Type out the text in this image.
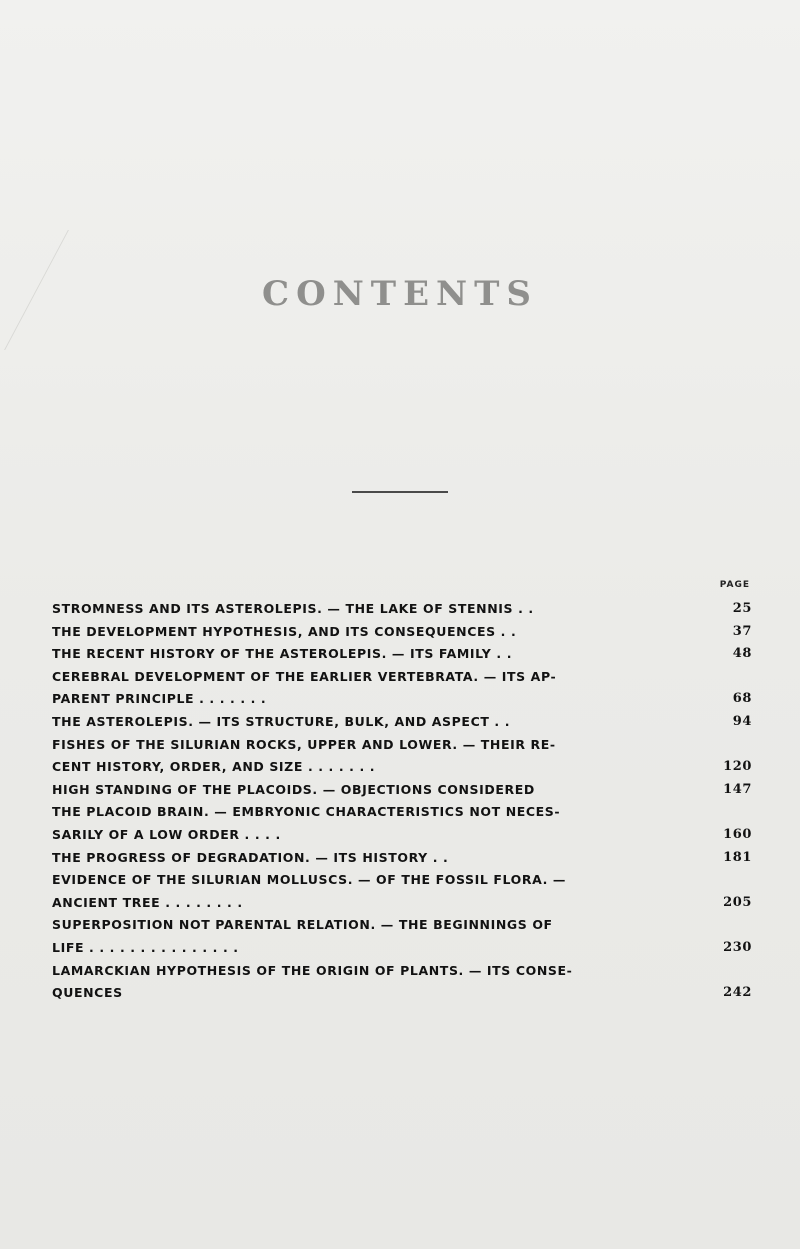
CONTENTS
PAGE
STROMNESS AND ITS ASTEROLEPIS. — THE LAKE OF STENNIS . .	25
THE DEVELOPMENT HYPOTHESIS, AND ITS CONSEQUENCES . .	37
THE RECENT HISTORY OF THE ASTEROLEPIS. — ITS FAMILY . .	48
CEREBRAL DEVELOPMENT OF THE EARLIER VERTEBRATA. — ITS AP-
PARENT PRINCIPLE . . . . . . .	68
THE ASTEROLEPIS. — ITS STRUCTURE, BULK, AND ASPECT . .	94
FISHES OF THE SILURIAN ROCKS, UPPER AND LOWER. — THEIR RE-
CENT HISTORY, ORDER, AND SIZE . . . . . . .	120
HIGH STANDING OF THE PLACOIDS. — OBJECTIONS CONSIDERED	147
THE PLACOID BRAIN. — EMBRYONIC CHARACTERISTICS NOT NECES-
SARILY OF A LOW ORDER . . . .	160
THE PROGRESS OF DEGRADATION. — ITS HISTORY . .	181
EVIDENCE OF THE SILURIAN MOLLUSCS. — OF THE FOSSIL FLORA. —
ANCIENT TREE . . . . . . . .	205
SUPERPOSITION NOT PARENTAL RELATION. — THE BEGINNINGS OF
LIFE . . . . . . . . . . . . . . .	230
LAMARCKIAN HYPOTHESIS OF THE ORIGIN OF PLANTS. — ITS CONSE-
QUENCES	242
